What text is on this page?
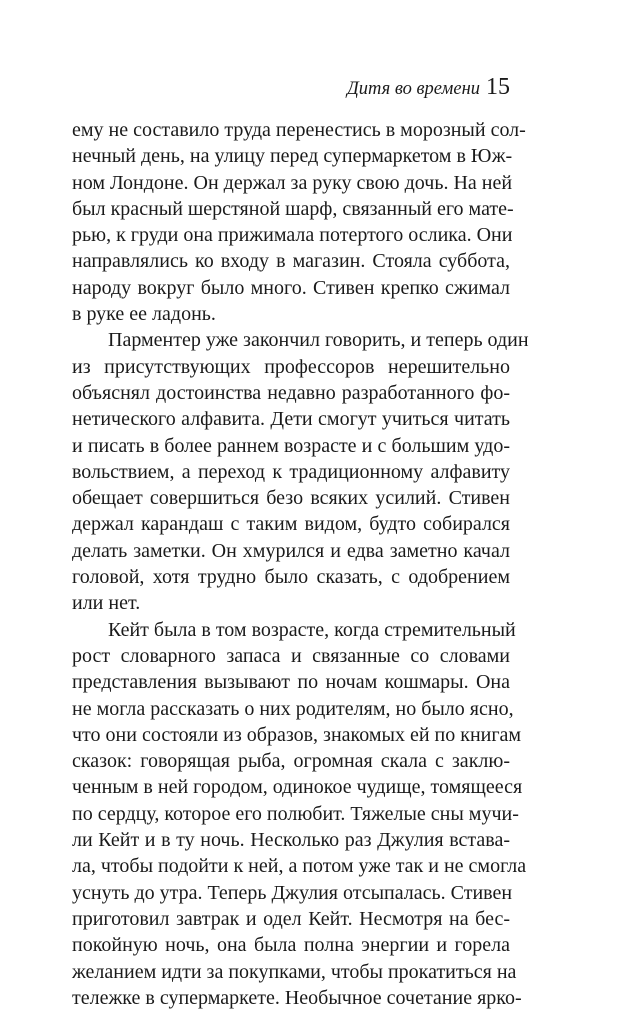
Дитя во времени 15
ему не составило труда перенестись в морозный сол-
нечный день, на улицу перед супермаркетом в Юж-
ном Лондоне. Он держал за руку свою дочь. На ней
был красный шерстяной шарф, связанный его мате-
рью, к груди она прижимала потертого ослика. Они
направлялись ко входу в магазин. Стояла суббота,
народу вокруг было много. Стивен крепко сжимал
в руке ее ладонь.
Парментер уже закончил говорить, и теперь один
из присутствующих профессоров нерешительно
объяснял достоинства недавно разработанного фо-
нетического алфавита. Дети смогут учиться читать
и писать в более раннем возрасте и с большим удо-
вольствием, а переход к традиционному алфавиту
обещает совершиться безо всяких усилий. Стивен
держал карандаш с таким видом, будто собирался
делать заметки. Он хмурился и едва заметно качал
головой, хотя трудно было сказать, с одобрением
или нет.
Кейт была в том возрасте, когда стремительный
рост словарного запаса и связанные со словами
представления вызывают по ночам кошмары. Она
не могла рассказать о них родителям, но было ясно,
что они состояли из образов, знакомых ей по книгам
сказок: говорящая рыба, огромная скала с заклю-
ченным в ней городом, одинокое чудище, томящееся
по сердцу, которое его полюбит. Тяжелые сны мучи-
ли Кейт и в ту ночь. Несколько раз Джулия встава-
ла, чтобы подойти к ней, а потом уже так и не смогла
уснуть до утра. Теперь Джулия отсыпалась. Стивен
приготовил завтрак и одел Кейт. Несмотря на бес-
покойную ночь, она была полна энергии и горела
желанием идти за покупками, чтобы прокатиться на
тележке в супермаркете. Необычное сочетание ярко-
